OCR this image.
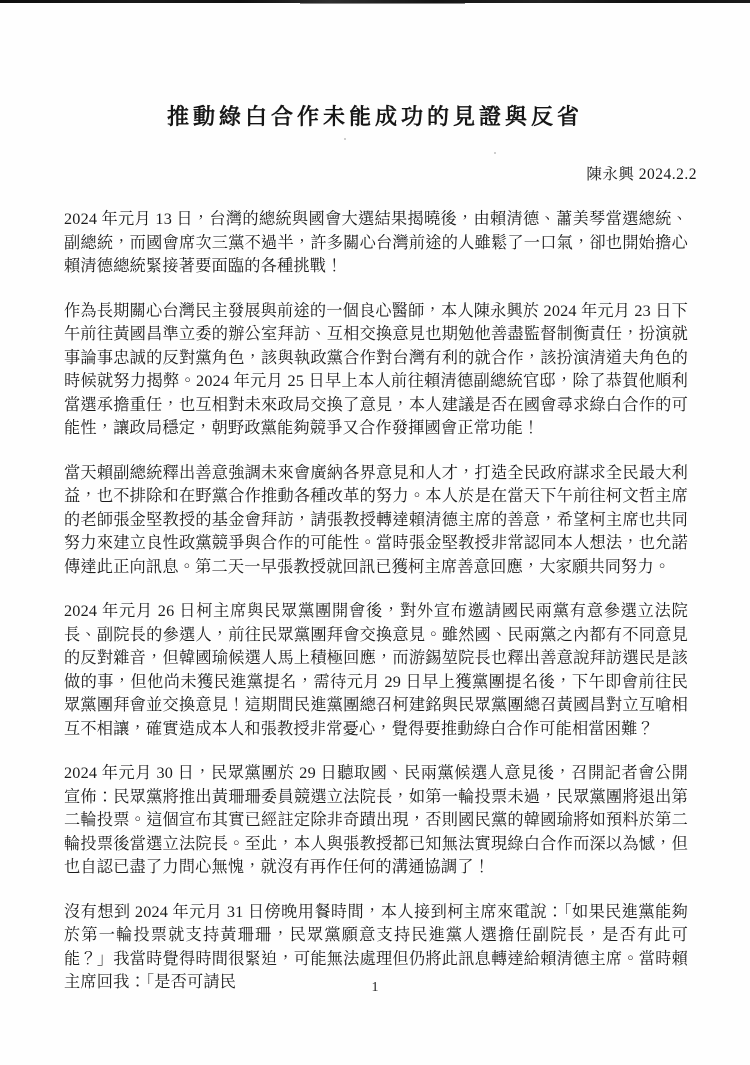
推動綠白合作未能成功的見證與反省
陳永興 2024.2.2

2024 年元月 13 日，台灣的總統與國會大選結果揭曉後，由賴清德、蕭美琴當選總統、副總統，而國會席次三黨不過半，許多關心台灣前途的人雖鬆了一口氣，卻也開始擔心賴清德總統緊接著要面臨的各種挑戰！

作為長期關心台灣民主發展與前途的一個良心醫師，本人陳永興於 2024 年元月 23 日下午前往黃國昌準立委的辦公室拜訪、互相交換意見也期勉他善盡監督制衡責任，扮演就事論事忠誠的反對黨角色，該與執政黨合作對台灣有利的就合作，該扮演清道夫角色的時候就努力揭弊。2024 年元月 25 日早上本人前往賴清德副總統官邸，除了恭賀他順利當選承擔重任，也互相對未來政局交換了意見，本人建議是否在國會尋求綠白合作的可能性，讓政局穩定，朝野政黨能夠競爭又合作發揮國會正常功能！

當天賴副總統釋出善意強調未來會廣納各界意見和人才，打造全民政府謀求全民最大利益，也不排除和在野黨合作推動各種改革的努力。本人於是在當天下午前往柯文哲主席的老師張金堅教授的基金會拜訪，請張教授轉達賴清德主席的善意，希望柯主席也共同努力來建立良性政黨競爭與合作的可能性。當時張金堅教授非常認同本人想法，也允諾傳達此正向訊息。第二天一早張教授就回訊已獲柯主席善意回應，大家願共同努力。

2024 年元月 26 日柯主席與民眾黨團開會後，對外宣布邀請國民兩黨有意參選立法院長、副院長的參選人，前往民眾黨團拜會交換意見。雖然國、民兩黨之內都有不同意見的反對雜音，但韓國瑜候選人馬上積極回應，而游錫堃院長也釋出善意說拜訪選民是該做的事，但他尚未獲民進黨提名，需待元月 29 日早上獲黨團提名後，下午即會前往民眾黨團拜會並交換意見！這期間民進黨團總召柯建銘與民眾黨團總召黃國昌對立互嗆相互不相讓，確實造成本人和張教授非常憂心，覺得要推動綠白合作可能相當困難？

2024 年元月 30 日，民眾黨團於 29 日聽取國、民兩黨候選人意見後，召開記者會公開宣佈：民眾黨將推出黃珊珊委員競選立法院長，如第一輪投票未過，民眾黨團將退出第二輪投票。這個宣布其實已經註定除非奇蹟出現，否則國民黨的韓國瑜將如預料於第二輪投票後當選立法院長。至此，本人與張教授都已知無法實現綠白合作而深以為憾，但也自認已盡了力問心無愧，就沒有再作任何的溝通協調了！

沒有想到 2024 年元月 31 日傍晚用餐時間，本人接到柯主席來電說：「如果民進黨能夠於第一輪投票就支持黃珊珊，民眾黨願意支持民進黨人選擔任副院長，是否有此可能？」我當時覺得時間很緊迫，可能無法處理但仍將此訊息轉達給賴清德主席。當時賴主席回我：「是否可請民	1
